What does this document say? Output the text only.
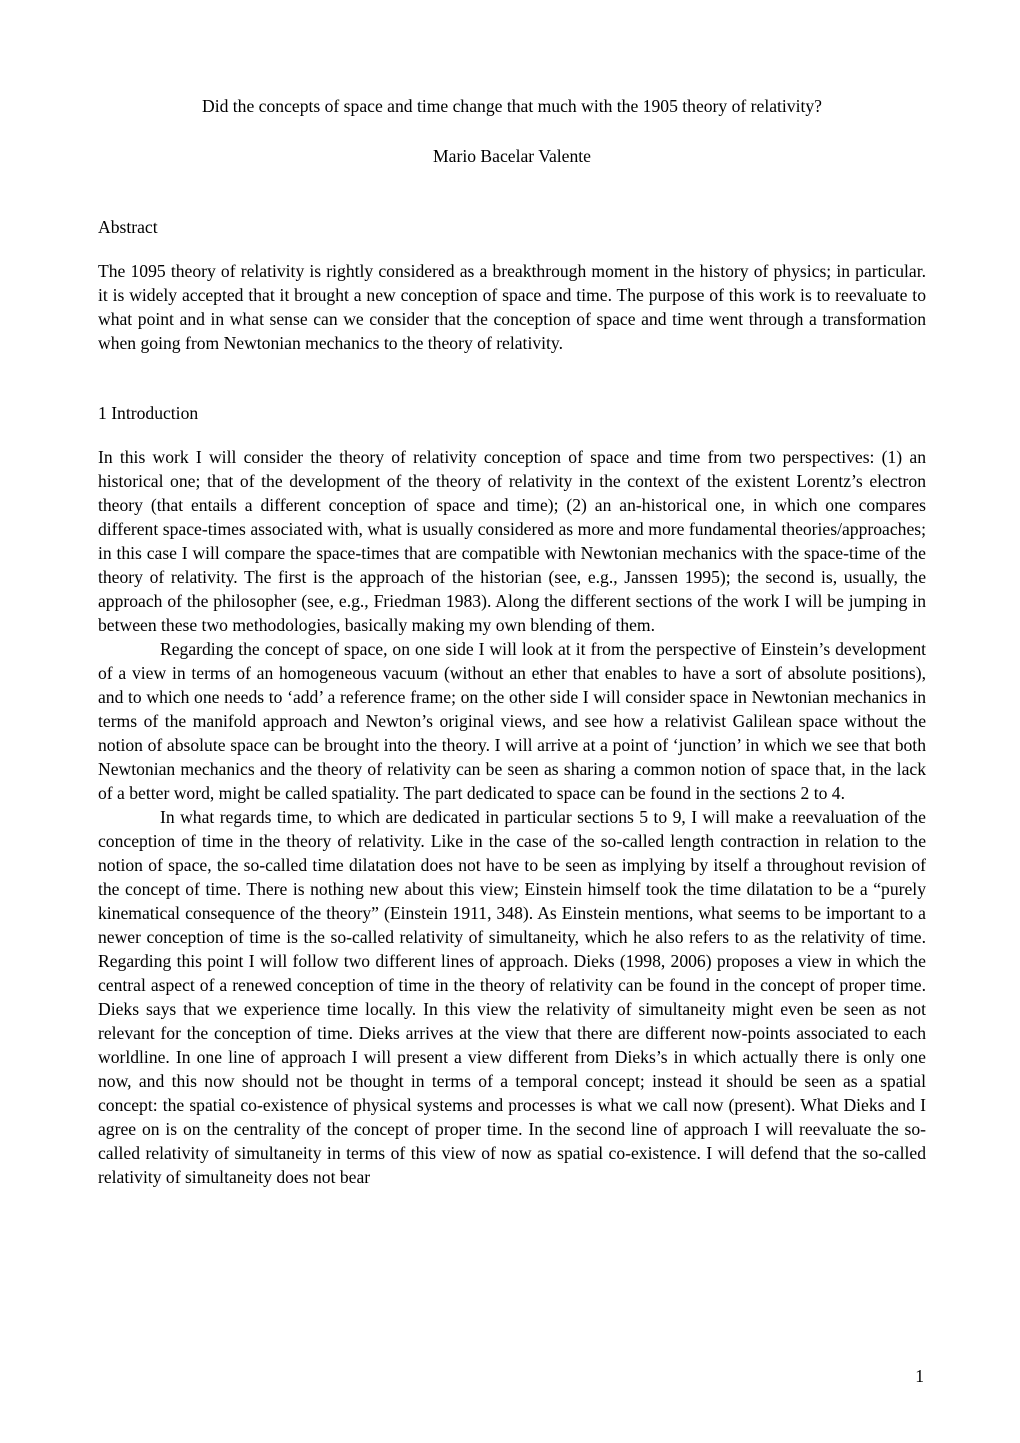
Did the concepts of space and time change that much with the 1905 theory of relativity?
Mario Bacelar Valente
Abstract

The 1095 theory of relativity is rightly considered as a breakthrough moment in the history of physics; in particular. it is widely accepted that it brought a new conception of space and time. The purpose of this work is to reevaluate to what point and in what sense can we consider that the conception of space and time went through a transformation when going from Newtonian mechanics to the theory of relativity.

1 Introduction

In this work I will consider the theory of relativity conception of space and time from two perspectives: (1) an historical one; that of the development of the theory of relativity in the context of the existent Lorentz’s electron theory (that entails a different conception of space and time); (2) an an-historical one, in which one compares different space-times associated with, what is usually considered as more and more fundamental theories/approaches; in this case I will compare the space-times that are compatible with Newtonian mechanics with the space-time of the theory of relativity. The first is the approach of the historian (see, e.g., Janssen 1995); the second is, usually, the approach of the philosopher (see, e.g., Friedman 1983). Along the different sections of the work I will be jumping in between these two methodologies, basically making my own blending of them.

Regarding the concept of space, on one side I will look at it from the perspective of Einstein’s development of a view in terms of an homogeneous vacuum (without an ether that enables to have a sort of absolute positions), and to which one needs to ‘add’ a reference frame; on the other side I will consider space in Newtonian mechanics in terms of the manifold approach and Newton’s original views, and see how a relativist Galilean space without the notion of absolute space can be brought into the theory. I will arrive at a point of ‘junction’ in which we see that both Newtonian mechanics and the theory of relativity can be seen as sharing a common notion of space that, in the lack of a better word, might be called spatiality. The part dedicated to space can be found in the sections 2 to 4.

In what regards time, to which are dedicated in particular sections 5 to 9, I will make a reevaluation of the conception of time in the theory of relativity. Like in the case of the so-called length contraction in relation to the notion of space, the so-called time dilatation does not have to be seen as implying by itself a throughout revision of the concept of time. There is nothing new about this view; Einstein himself took the time dilatation to be a “purely kinematical consequence of the theory” (Einstein 1911, 348). As Einstein mentions, what seems to be important to a newer conception of time is the so-called relativity of simultaneity, which he also refers to as the relativity of time. Regarding this point I will follow two different lines of approach. Dieks (1998, 2006) proposes a view in which the central aspect of a renewed conception of time in the theory of relativity can be found in the concept of proper time. Dieks says that we experience time locally. In this view the relativity of simultaneity might even be seen as not relevant for the conception of time. Dieks arrives at the view that there are different now-points associated to each worldline. In one line of approach I will present a view different from Dieks’s in which actually there is only one now, and this now should not be thought in terms of a temporal concept; instead it should be seen as a spatial concept: the spatial co-existence of physical systems and processes is what we call now (present). What Dieks and I agree on is on the centrality of the concept of proper time. In the second line of approach I will reevaluate the so-called relativity of simultaneity in terms of this view of now as spatial co-existence. I will defend that the so-called relativity of simultaneity does not bear

1
